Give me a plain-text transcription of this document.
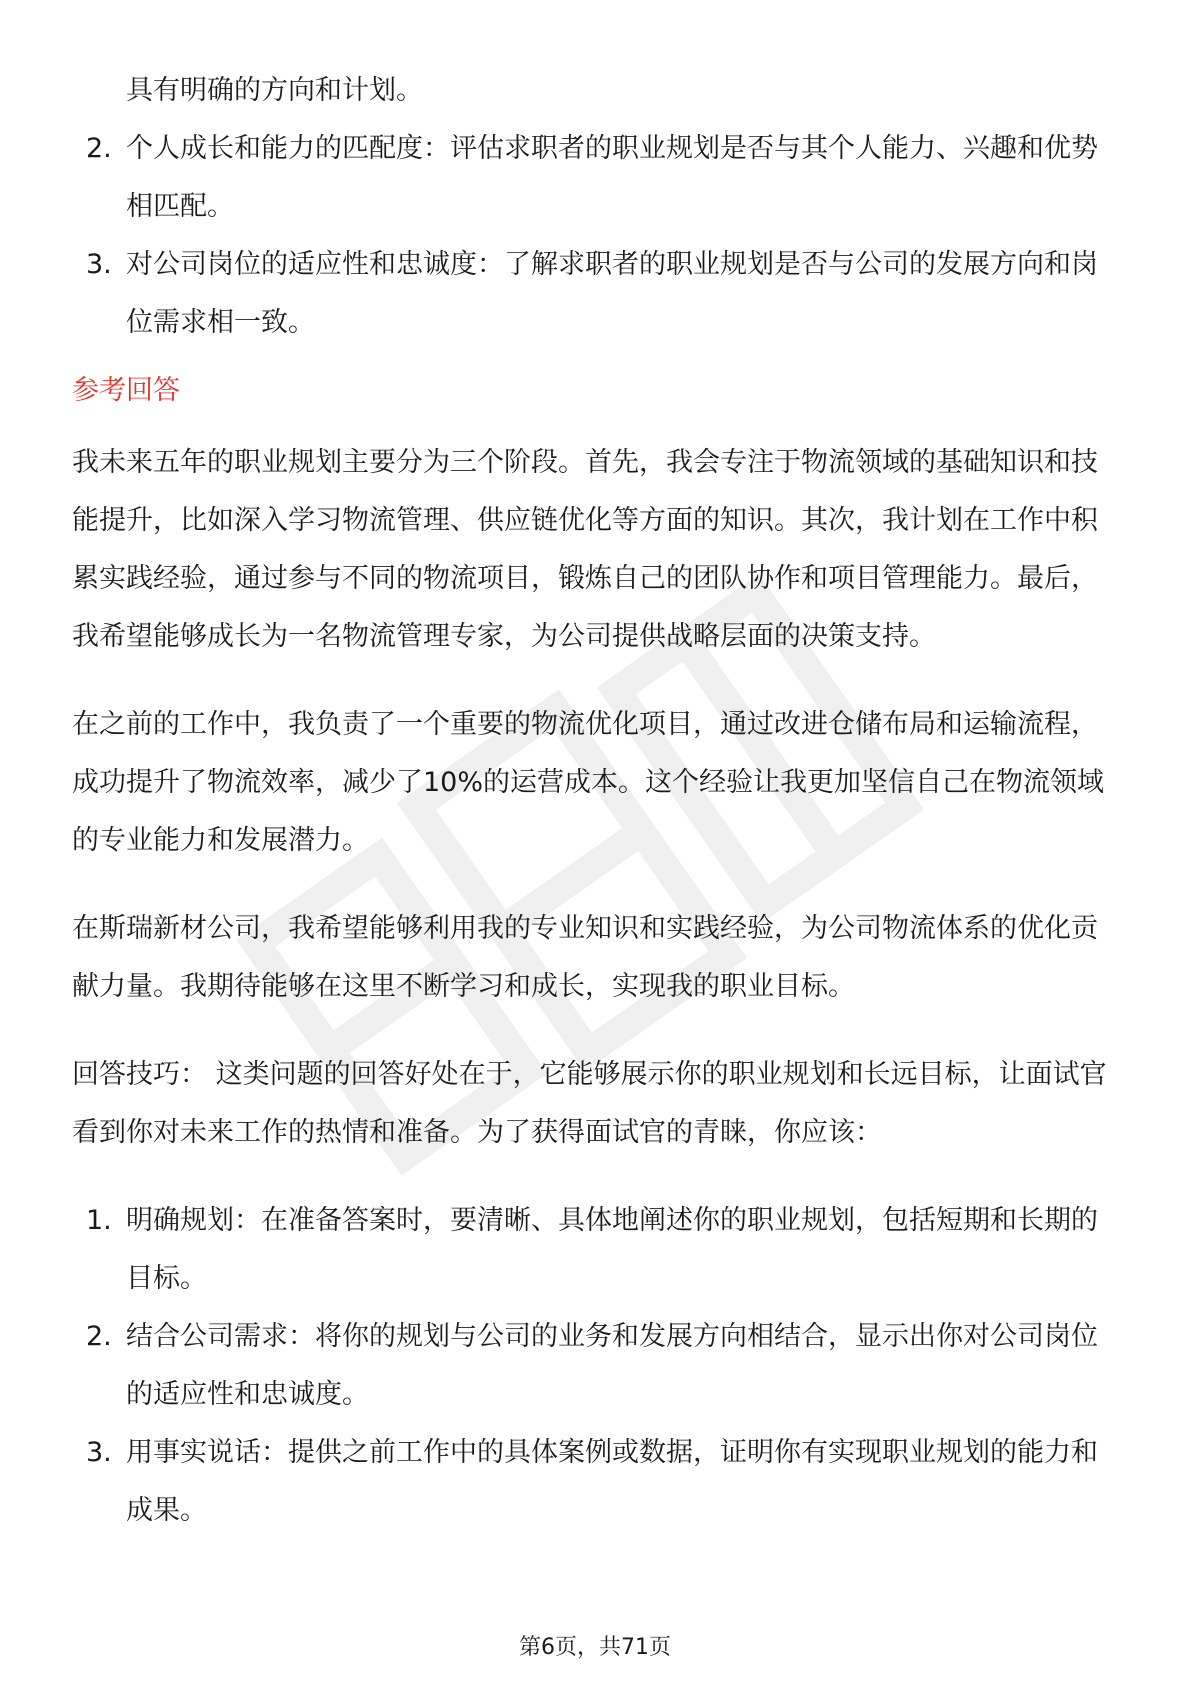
具有明确的方向和计划。

2. 个人成长和能力的匹配度：评估求职者的职业规划是否与其个人能力、兴趣和优势相匹配。
3. 对公司岗位的适应性和忠诚度：了解求职者的职业规划是否与公司的发展方向和岗位需求相一致。
参考回答

我未来五年的职业规划主要分为三个阶段。首先，我会专注于物流领域的基础知识和技能提升，比如深入学习物流管理、供应链优化等方面的知识。其次，我计划在工作中积累实践经验，通过参与不同的物流项目，锻炼自己的团队协作和项目管理能力。最后，我希望能够成长为一名物流管理专家，为公司提供战略层面的决策支持。

在之前的工作中，我负责了一个重要的物流优化项目，通过改进仓储布局和运输流程，成功提升了物流效率，减少了10%的运营成本。这个经验让我更加坚信自己在物流领域的专业能力和发展潜力。

在斯瑞新材公司，我希望能够利用我的专业知识和实践经验，为公司物流体系的优化贡献力量。我期待能够在这里不断学习和成长，实现我的职业目标。

回答技巧： 这类问题的回答好处在于，它能够展示你的职业规划和长远目标，让面试官看到你对未来工作的热情和准备。为了获得面试官的青睐，你应该：

1. 明确规划：在准备答案时，要清晰、具体地阐述你的职业规划，包括短期和长期的目标。
2. 结合公司需求：将你的规划与公司的业务和发展方向相结合，显示出你对公司岗位的适应性和忠诚度。
3. 用事实说话：提供之前工作中的具体案例或数据，证明你有实现职业规划的能力和成果。
第6页，共71页
